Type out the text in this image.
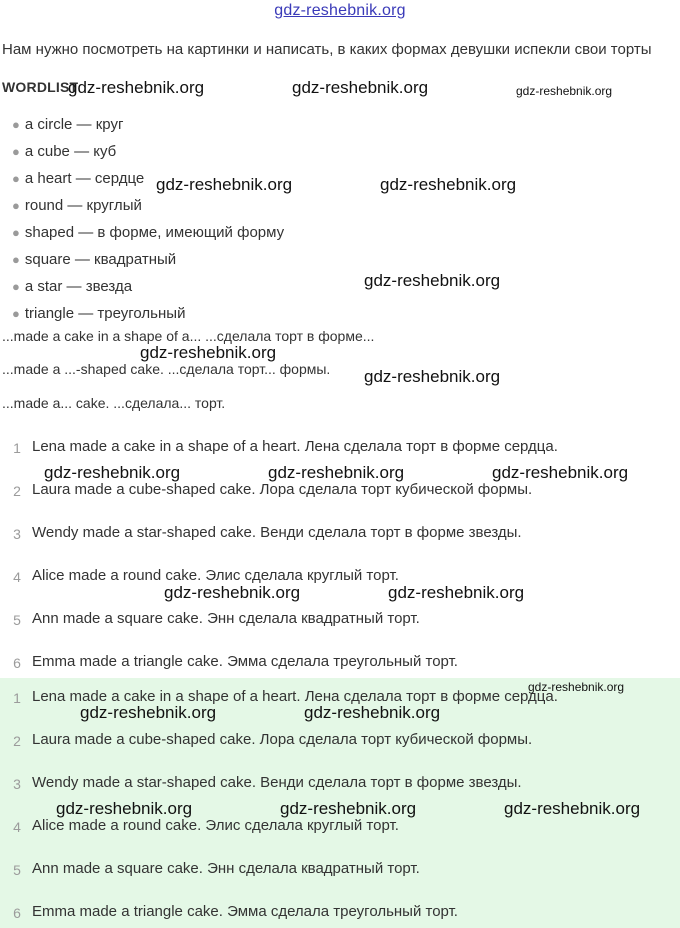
gdz-reshebnik.org
Нам нужно посмотреть на картинки и написать, в каких формах девушки испекли свои торты
WORDLIST
● a circle — круг
● a cube — куб
● a heart — сердце
● round — круглый
● shaped — в форме, имеющий форму
● square — квадратный
● a star — звезда
● triangle — треугольный
...made a cake in a shape of a... ...сделала торт в форме...
...made a ...-shaped cake. ...сделала торт... формы.
...made a... cake. ...сделала... торт.
1 Lena made a cake in a shape of a heart. Лена сделала торт в форме сердца.
2 Laura made a cube-shaped cake. Лора сделала торт кубической формы.
3 Wendy made a star-shaped cake. Венди сделала торт в форме звезды.
4 Alice made a round cake. Элис сделала круглый торт.
5 Ann made a square cake. Энн сделала квадратный торт.
6 Emma made a triangle cake. Эмма сделала треугольный торт.
1 Lena made a cake in a shape of a heart. Лена сделала торт в форме сердца.
2 Laura made a cube-shaped cake. Лора сделала торт кубической формы.
3 Wendy made a star-shaped cake. Венди сделала торт в форме звезды.
4 Alice made a round cake. Элис сделала круглый торт.
5 Ann made a square cake. Энн сделала квадратный торт.
6 Emma made a triangle cake. Эмма сделала треугольный торт.
gdz-reshebnik.org	gdz-reshebnik.org	gdz-reshebnik.org
gdz-reshebnik.org	gdz-reshebnik.org
gdz-reshebnik.org
gdz-reshebnik.org
gdz-reshebnik.org
gdz-reshebnik.org	gdz-reshebnik.org	gdz-reshebnik.org
gdz-reshebnik.org	gdz-reshebnik.org
gdz-reshebnik.org
gdz-reshebnik.org	gdz-reshebnik.org
gdz-reshebnik.org	gdz-reshebnik.org	gdz-reshebnik.org
